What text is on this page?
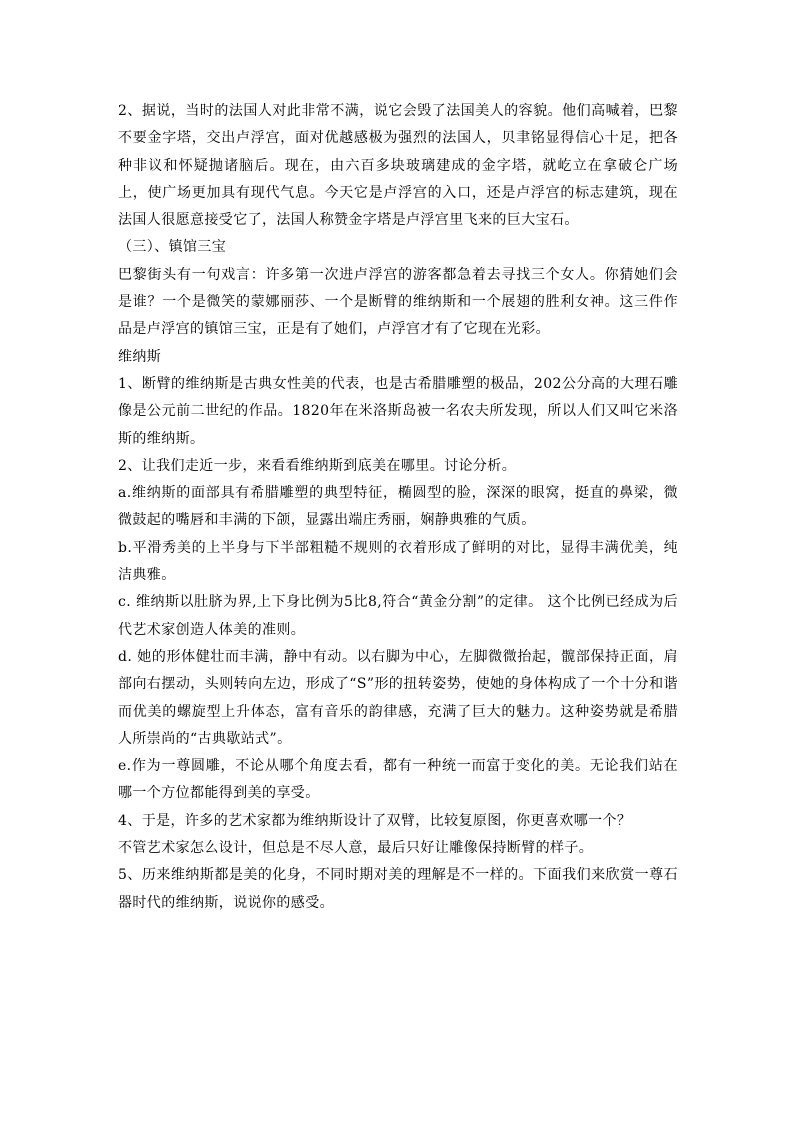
2、据说，当时的法国人对此非常不满，说它会毁了法国美人的容貌。他们高喊着，巴黎不要金字塔，交出卢浮宫，面对优越感极为强烈的法国人，贝聿铭显得信心十足，把各种非议和怀疑抛诸脑后。现在，由六百多块玻璃建成的金字塔，就屹立在拿破仑广场上，使广场更加具有现代气息。今天它是卢浮宫的入口，还是卢浮宫的标志建筑，现在法国人很愿意接受它了，法国人称赞金字塔是卢浮宫里飞来的巨大宝石。

（三）、镇馆三宝

巴黎街头有一句戏言：许多第一次进卢浮宫的游客都急着去寻找三个女人。你猜她们会是谁？一个是微笑的蒙娜丽莎、一个是断臂的维纳斯和一个展翅的胜利女神。这三件作品是卢浮宫的镇馆三宝，正是有了她们，卢浮宫才有了它现在光彩。

维纳斯

1、断臂的维纳斯是古典女性美的代表，也是古希腊雕塑的极品，202公分高的大理石雕像是公元前二世纪的作品。1820年在米洛斯岛被一名农夫所发现，所以人们又叫它米洛斯的维纳斯。

2、让我们走近一步，来看看维纳斯到底美在哪里。讨论分析。

a.维纳斯的面部具有希腊雕塑的典型特征，椭圆型的脸，深深的眼窝，挺直的鼻梁，微微鼓起的嘴唇和丰满的下颌，显露出端庄秀丽，娴静典雅的气质。

b.平滑秀美的上半身与下半部粗糙不规则的衣着形成了鲜明的对比，显得丰满优美，纯洁典雅。

c. 维纳斯以肚脐为界,上下身比例为5比8,符合“黄金分割”的定律。 这个比例已经成为后代艺术家创造人体美的准则。

d. 她的形体健壮而丰满，静中有动。以右脚为中心，左脚微微抬起，髋部保持正面，肩部向右摆动，头则转向左边，形成了“S”形的扭转姿势，使她的身体构成了一个十分和谐而优美的螺旋型上升体态，富有音乐的韵律感，充满了巨大的魅力。这种姿势就是希腊人所崇尚的“古典歇站式”。

e.作为一尊圆雕，不论从哪个角度去看，都有一种统一而富于变化的美。无论我们站在哪一个方位都能得到美的享受。

4、于是，许多的艺术家都为维纳斯设计了双臂，比较复原图，你更喜欢哪一个？

不管艺术家怎么设计，但总是不尽人意，最后只好让雕像保持断臂的样子。

5、历来维纳斯都是美的化身，不同时期对美的理解是不一样的。下面我们来欣赏一尊石器时代的维纳斯，说说你的感受。
